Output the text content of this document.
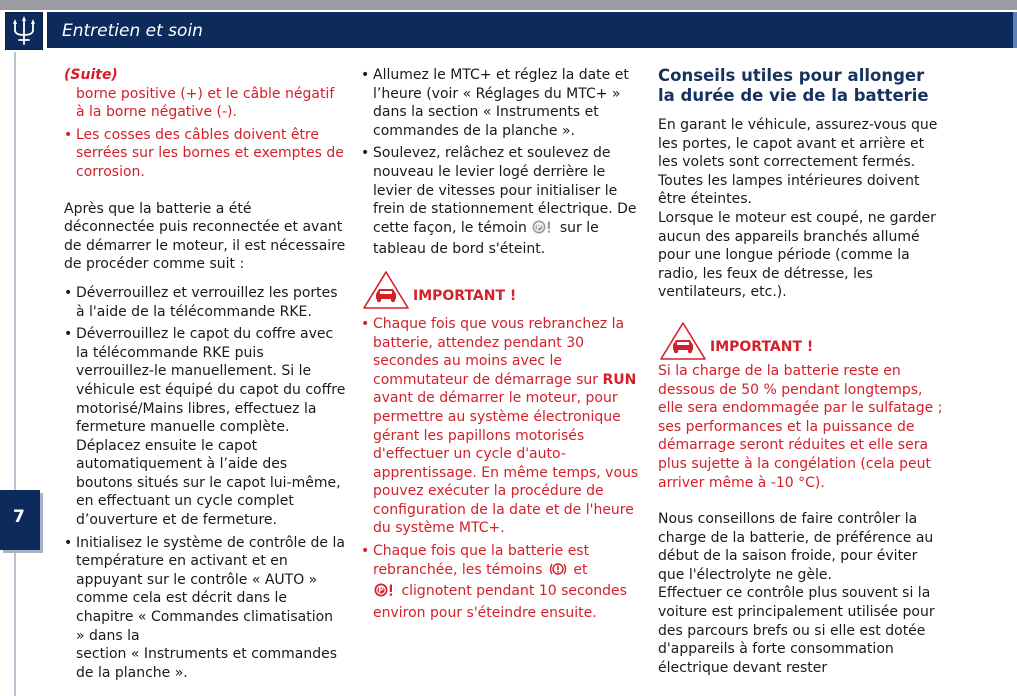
Entretien et soin
7

(Suite)

borne positive (+) et le câble négatif à la borne négative (-).

• Les cosses des câbles doivent être serrées sur les bornes et exemptes de corrosion.

Après que la batterie a été déconnectée puis reconnectée et avant de démarrer le moteur, il est nécessaire de procéder comme suit :

• Déverrouillez et verrouillez les portes à l'aide de la télécommande RKE.
• Déverrouillez le capot du coffre avec la télécommande RKE puis verrouillez-le manuellement. Si le véhicule est équipé du capot du coffre motorisé/Mains libres, effectuez la fermeture manuelle complète. Déplacez ensuite le capot automatiquement à l’aide des boutons situés sur le capot lui-même, en effectuant un cycle complet d’ouverture et de fermeture.
• Initialisez le système de contrôle de la température en activant et en appuyant sur le contrôle « AUTO » comme cela est décrit dans le chapitre « Commandes climatisation » dans la
section « Instruments et commandes de la planche ».
• Allumez le MTC+ et réglez la date et l’heure (voir « Réglages du MTC+ » dans la section « Instruments et commandes de la planche ».
• Soulevez, relâchez et soulevez de nouveau le levier logé derrière le levier de vitesses pour initialiser le frein de stationnement électrique. De cette façon, le témoin P sur le tableau de bord s'éteint.
IMPORTANT !
• Chaque fois que vous rebranchez la batterie, attendez pendant 30 secondes au moins avec le commutateur de démarrage sur RUN avant de démarrer le moteur, pour permettre au système électronique gérant les papillons motorisés d'effectuer un cycle d'auto-apprentissage. En même temps, vous pouvez exécuter la procédure de configuration de la date et de l'heure du système MTC+.
• Chaque fois que la batterie est rebranchée, les témoins et

P clignotent pendant 10 secondes environ pour s'éteindre ensuite.

Conseils utiles pour allonger la durée de vie de la batterie

En garant le véhicule, assurez-vous que les portes, le capot avant et arrière et les volets sont correctement fermés. Toutes les lampes intérieures doivent être éteintes.

Lorsque le moteur est coupé, ne garder aucun des appareils branchés allumé pour une longue période (comme la radio, les feux de détresse, les ventilateurs, etc.).

IMPORTANT !

Si la charge de la batterie reste en dessous de 50 % pendant longtemps, elle sera endommagée par le sulfatage ; ses performances et la puissance de démarrage seront réduites et elle sera plus sujette à la congélation (cela peut arriver même à -10 °C).

Nous conseillons de faire contrôler la charge de la batterie, de préférence au début de la saison froide, pour éviter que l'électrolyte ne gèle.

Effectuer ce contrôle plus souvent si la voiture est principalement utilisée pour des parcours brefs ou si elle est dotée d'appareils à forte consommation électrique devant rester
